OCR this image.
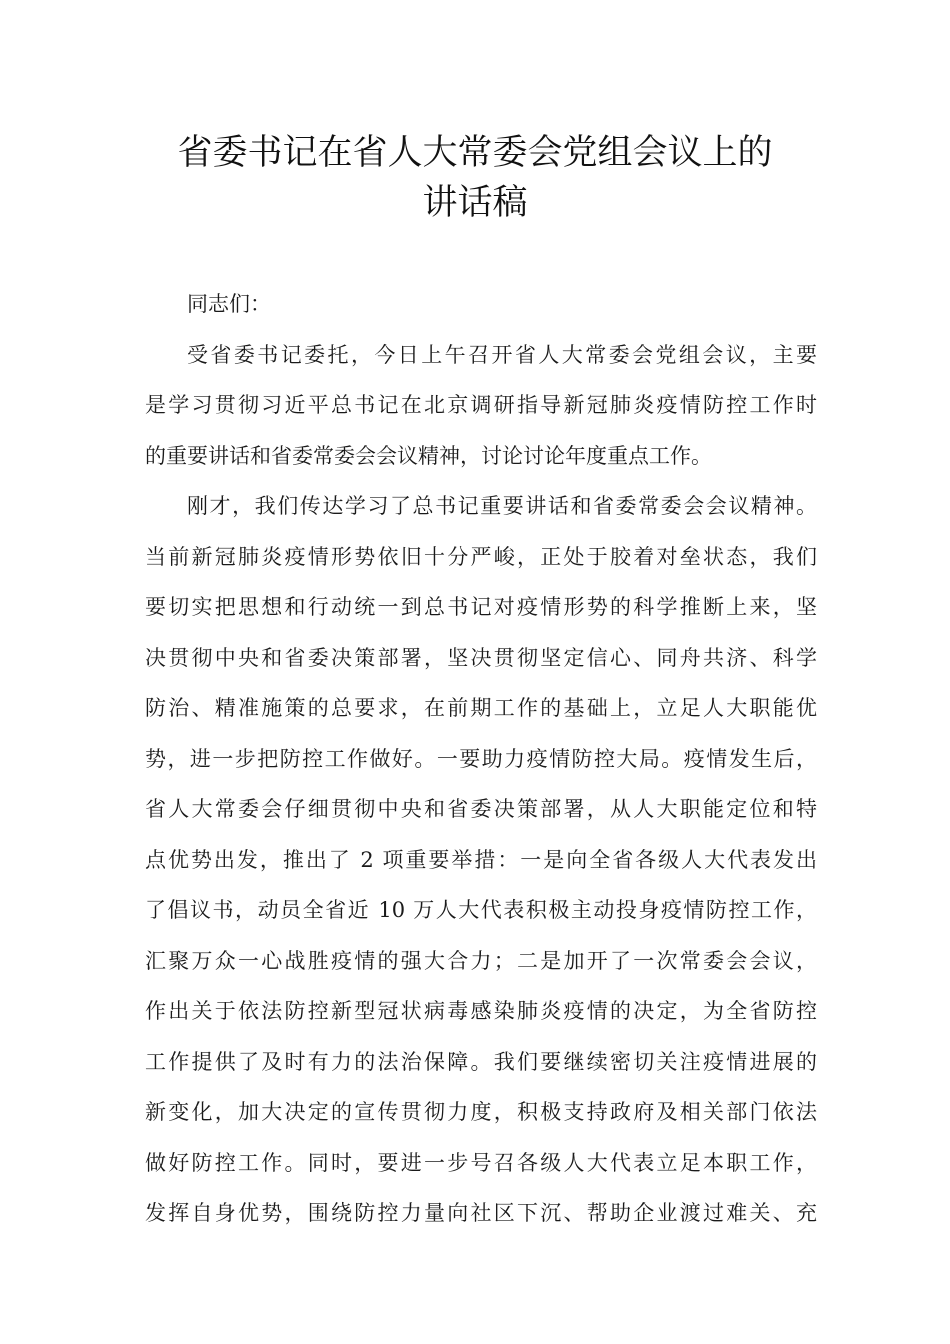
省委书记在省人大常委会党组会议上的
讲话稿
同志们：
受省委书记委托，今日上午召开省人大常委会党组会议，主要
是学习贯彻习近平总书记在北京调研指导新冠肺炎疫情防控工作时
的重要讲话和省委常委会会议精神，讨论讨论年度重点工作。
刚才，我们传达学习了总书记重要讲话和省委常委会会议精神。
当前新冠肺炎疫情形势依旧十分严峻，正处于胶着对垒状态，我们
要切实把思想和行动统一到总书记对疫情形势的科学推断上来，坚
决贯彻中央和省委决策部署，坚决贯彻坚定信心、同舟共济、科学
防治、精准施策的总要求，在前期工作的基础上，立足人大职能优
势，进一步把防控工作做好。一要助力疫情防控大局。疫情发生后，
省人大常委会仔细贯彻中央和省委决策部署，从人大职能定位和特
点优势出发，推出了 2 项重要举措：一是向全省各级人大代表发出
了倡议书，动员全省近 10 万人大代表积极主动投身疫情防控工作，
汇聚万众一心战胜疫情的强大合力；二是加开了一次常委会会议，
作出关于依法防控新型冠状病毒感染肺炎疫情的决定，为全省防控
工作提供了及时有力的法治保障。我们要继续密切关注疫情进展的
新变化，加大决定的宣传贯彻力度，积极支持政府及相关部门依法
做好防控工作。同时，要进一步号召各级人大代表立足本职工作，
发挥自身优势，围绕防控力量向社区下沉、帮助企业渡过难关、充
